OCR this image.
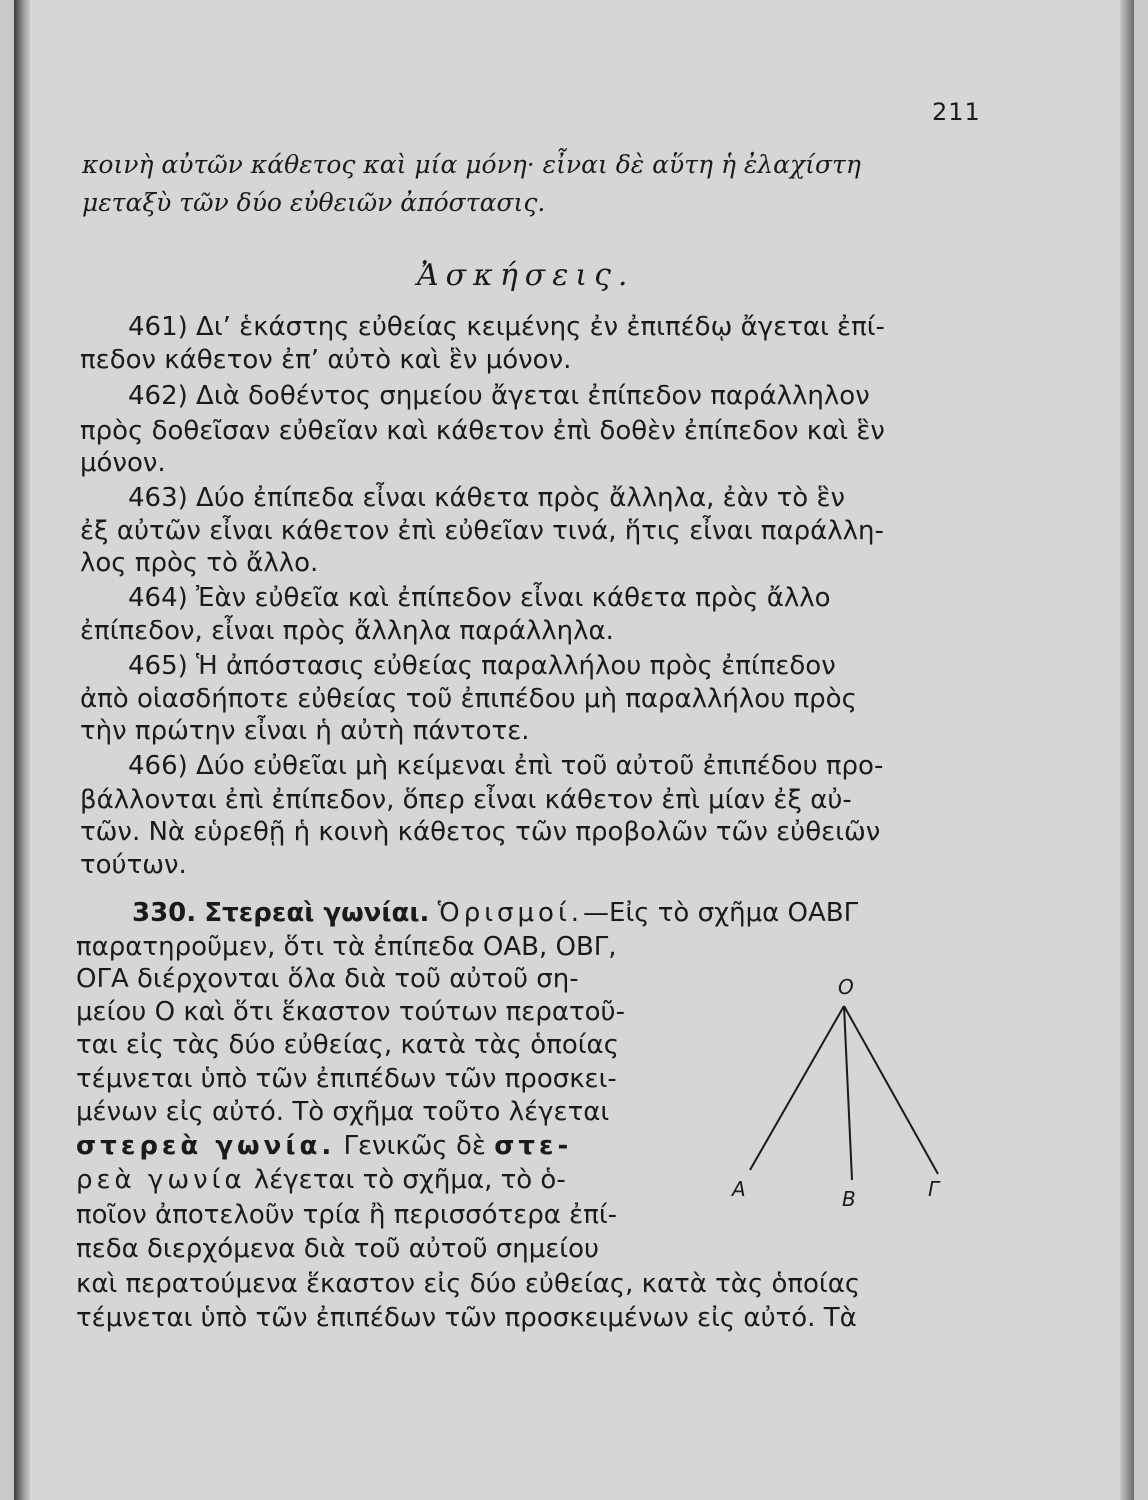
211
κοινὴ αὐτῶν κάθετος καὶ μία μόνη· εἶναι δὲ αὕτη ἡ ἐλαχίστη
μεταξὺ τῶν δύο εὐθειῶν ἀπόστασις.
Ἀσκήσεις.
461) Δι’ ἑκάστης εὐθείας κειμένης ἐν ἐπιπέδῳ ἄγεται ἐπί-
πεδον κάθετον ἐπ’ αὐτὸ καὶ ἓν μόνον.
462) Διὰ δοθέντος σημείου ἄγεται ἐπίπεδον παράλληλον
πρὸς δοθεῖσαν εὐθεῖαν καὶ κάθετον ἐπὶ δοθὲν ἐπίπεδον καὶ ἓν
μόνον.
463) Δύο ἐπίπεδα εἶναι κάθετα πρὸς ἄλληλα, ἐὰν τὸ ἓν
ἐξ αὐτῶν εἶναι κάθετον ἐπὶ εὐθεῖαν τινά, ἥτις εἶναι παράλλη-
λος πρὸς τὸ ἄλλο.
464) Ἐὰν εὐθεῖα καὶ ἐπίπεδον εἶναι κάθετα πρὸς ἄλλο
ἐπίπεδον, εἶναι πρὸς ἄλληλα παράλληλα.
465) Ἡ ἀπόστασις εὐθείας παραλλήλου πρὸς ἐπίπεδον
ἀπὸ οἱασδήποτε εὐθείας τοῦ ἐπιπέδου μὴ παραλλήλου πρὸς
τὴν πρώτην εἶναι ἡ αὐτὴ πάντοτε.
466) Δύο εὐθεῖαι μὴ κείμεναι ἐπὶ τοῦ αὐτοῦ ἐπιπέδου προ-
βάλλονται ἐπὶ ἐπίπεδον, ὅπερ εἶναι κάθετον ἐπὶ μίαν ἐξ αὐ-
τῶν. Νὰ εὑρεθῇ ἡ κοινὴ κάθετος τῶν προβολῶν τῶν εὐθειῶν
τούτων.
330. Στερεαὶ γωνίαι. Ὁρισμοί.—Εἰς τὸ σχῆμα ΟΑΒΓ
παρατηροῦμεν, ὅτι τὰ ἐπίπεδα ΟΑΒ, ΟΒΓ,
ΟΓΑ διέρχονται ὅλα διὰ τοῦ αὐτοῦ ση-
μείου Ο καὶ ὅτι ἕκαστον τούτων περατοῦ-
ται εἰς τὰς δύο εὐθείας, κατὰ τὰς ὁποίας
τέμνεται ὑπὸ τῶν ἐπιπέδων τῶν προσκει-
μένων εἰς αὐτό. Τὸ σχῆμα τοῦτο λέγεται
στερεὰ γωνία. Γενικῶς δὲ στε-
ρεὰ γωνία λέγεται τὸ σχῆμα, τὸ ὁ-
ποῖον ἀποτελοῦν τρία ἢ περισσότερα ἐπί-
πεδα διερχόμενα διὰ τοῦ αὐτοῦ σημείου
καὶ περατούμενα ἕκαστον εἰς δύο εὐθείας, κατὰ τὰς ὁποίας
τέμνεται ὑπὸ τῶν ἐπιπέδων τῶν προσκειμένων εἰς αὐτό. Τὰ
O
A	B	Γ
